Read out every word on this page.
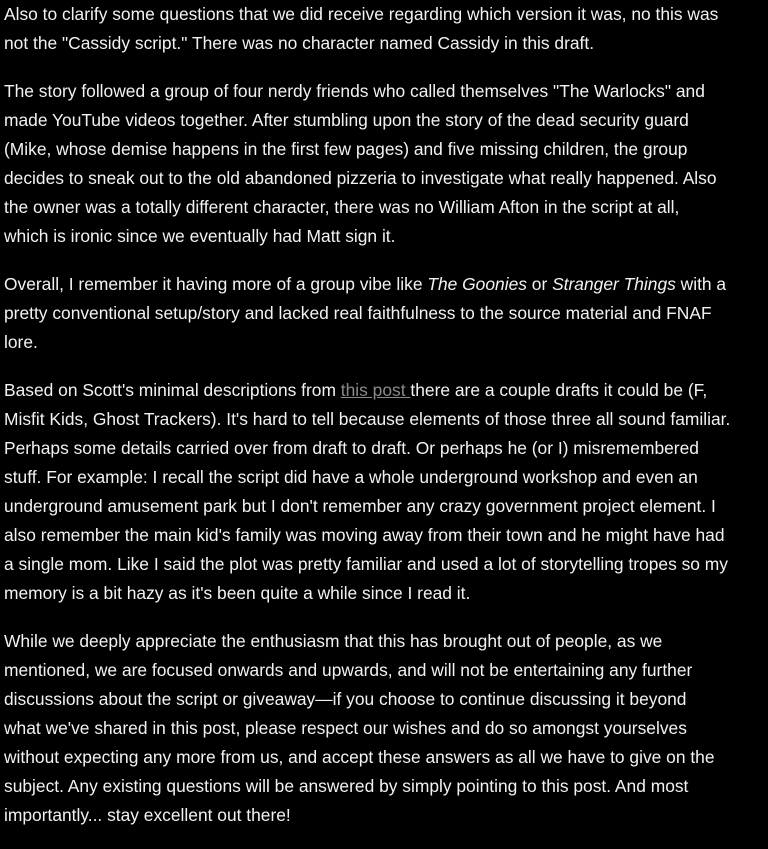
Also to clarify some questions that we did receive regarding which version it was, no this was
not the "Cassidy script." There was no character named Cassidy in this draft.
The story followed a group of four nerdy friends who called themselves "The Warlocks" and
made YouTube videos together. After stumbling upon the story of the dead security guard
(Mike, whose demise happens in the first few pages) and five missing children, the group
decides to sneak out to the old abandoned pizzeria to investigate what really happened. Also
the owner was a totally different character, there was no William Afton in the script at all,
which is ironic since we eventually had Matt sign it.
Overall, I remember it having more of a group vibe like The Goonies or Stranger Things with a
pretty conventional setup/story and lacked real faithfulness to the source material and FNAF
lore.
Based on Scott's minimal descriptions from this post there are a couple drafts it could be (F,
Misfit Kids, Ghost Trackers). It's hard to tell because elements of those three all sound familiar.
Perhaps some details carried over from draft to draft. Or perhaps he (or I) misremembered
stuff. For example: I recall the script did have a whole underground workshop and even an
underground amusement park but I don't remember any crazy government project element. I
also remember the main kid's family was moving away from their town and he might have had
a single mom. Like I said the plot was pretty familiar and used a lot of storytelling tropes so my
memory is a bit hazy as it's been quite a while since I read it.
While we deeply appreciate the enthusiasm that this has brought out of people, as we
mentioned, we are focused onwards and upwards, and will not be entertaining any further
discussions about the script or giveaway—if you choose to continue discussing it beyond
what we've shared in this post, please respect our wishes and do so amongst yourselves
without expecting any more from us, and accept these answers as all we have to give on the
subject. Any existing questions will be answered by simply pointing to this post. And most
importantly... stay excellent out there!
